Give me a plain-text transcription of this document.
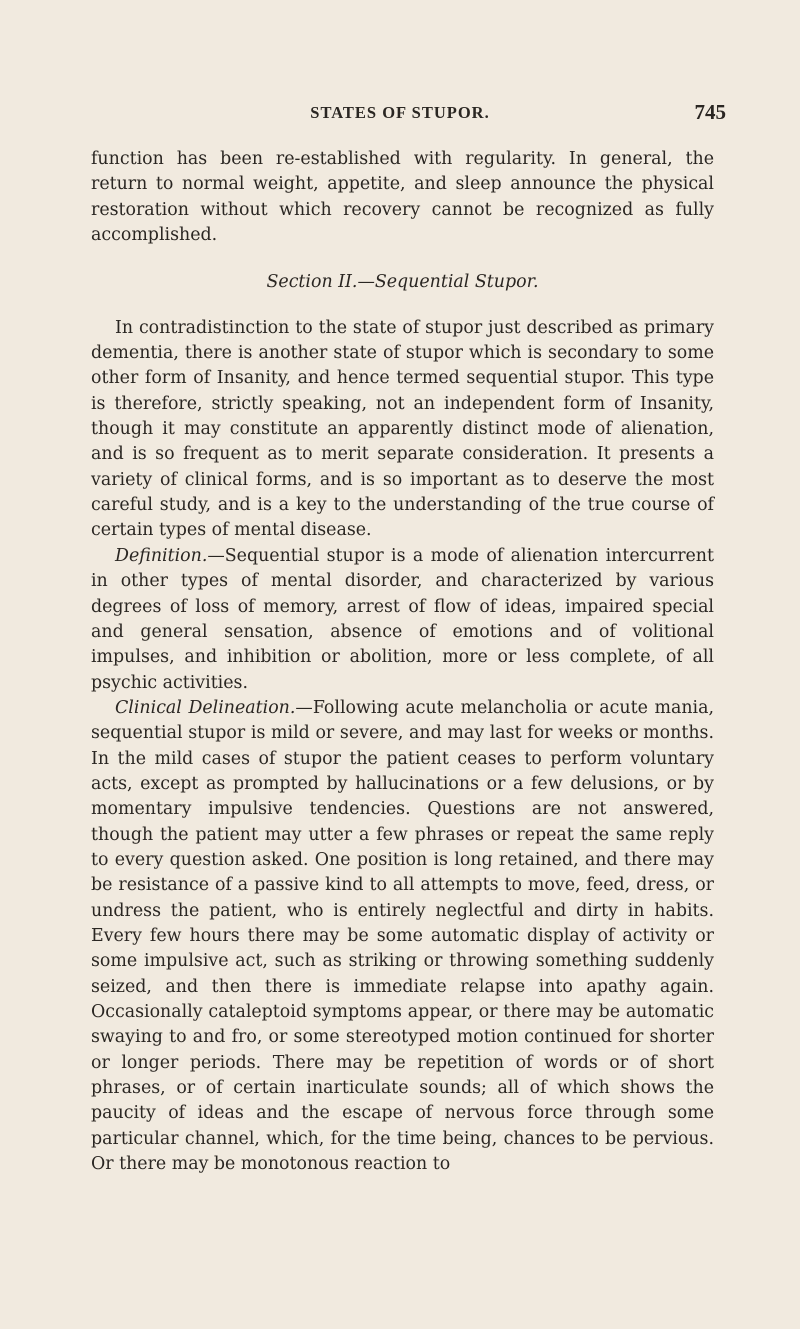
STATES OF STUPOR.	745

function has been re-established with regularity. In general, the return to normal weight, appetite, and sleep announce the physical restoration without which recovery cannot be recognized as fully accomplished.

Section II.—Sequential Stupor.

In contradistinction to the state of stupor just described as primary dementia, there is another state of stupor which is secondary to some other form of Insanity, and hence termed sequential stupor. This type is therefore, strictly speaking, not an independent form of Insanity, though it may constitute an apparently distinct mode of alienation, and is so frequent as to merit separate consideration. It presents a variety of clinical forms, and is so important as to deserve the most careful study, and is a key to the understanding of the true course of certain types of mental disease.

Definition.—Sequential stupor is a mode of alienation intercurrent in other types of mental disorder, and characterized by various degrees of loss of memory, arrest of flow of ideas, impaired special and general sensation, absence of emotions and of volitional impulses, and inhibition or abolition, more or less complete, of all psychic activities.

Clinical Delineation.—Following acute melancholia or acute mania, sequential stupor is mild or severe, and may last for weeks or months. In the mild cases of stupor the patient ceases to perform voluntary acts, except as prompted by hallucinations or a few delusions, or by momentary impulsive tendencies. Questions are not answered, though the patient may utter a few phrases or repeat the same reply to every question asked. One position is long retained, and there may be resistance of a passive kind to all attempts to move, feed, dress, or undress the patient, who is entirely neglectful and dirty in habits. Every few hours there may be some automatic display of activity or some impulsive act, such as striking or throwing something suddenly seized, and then there is immediate relapse into apathy again. Occasionally cataleptoid symptoms appear, or there may be automatic swaying to and fro, or some stereotyped motion continued for shorter or longer periods. There may be repetition of words or of short phrases, or of certain inarticulate sounds; all of which shows the paucity of ideas and the escape of nervous force through some particular channel, which, for the time being, chances to be pervious. Or there may be monotonous reaction to
